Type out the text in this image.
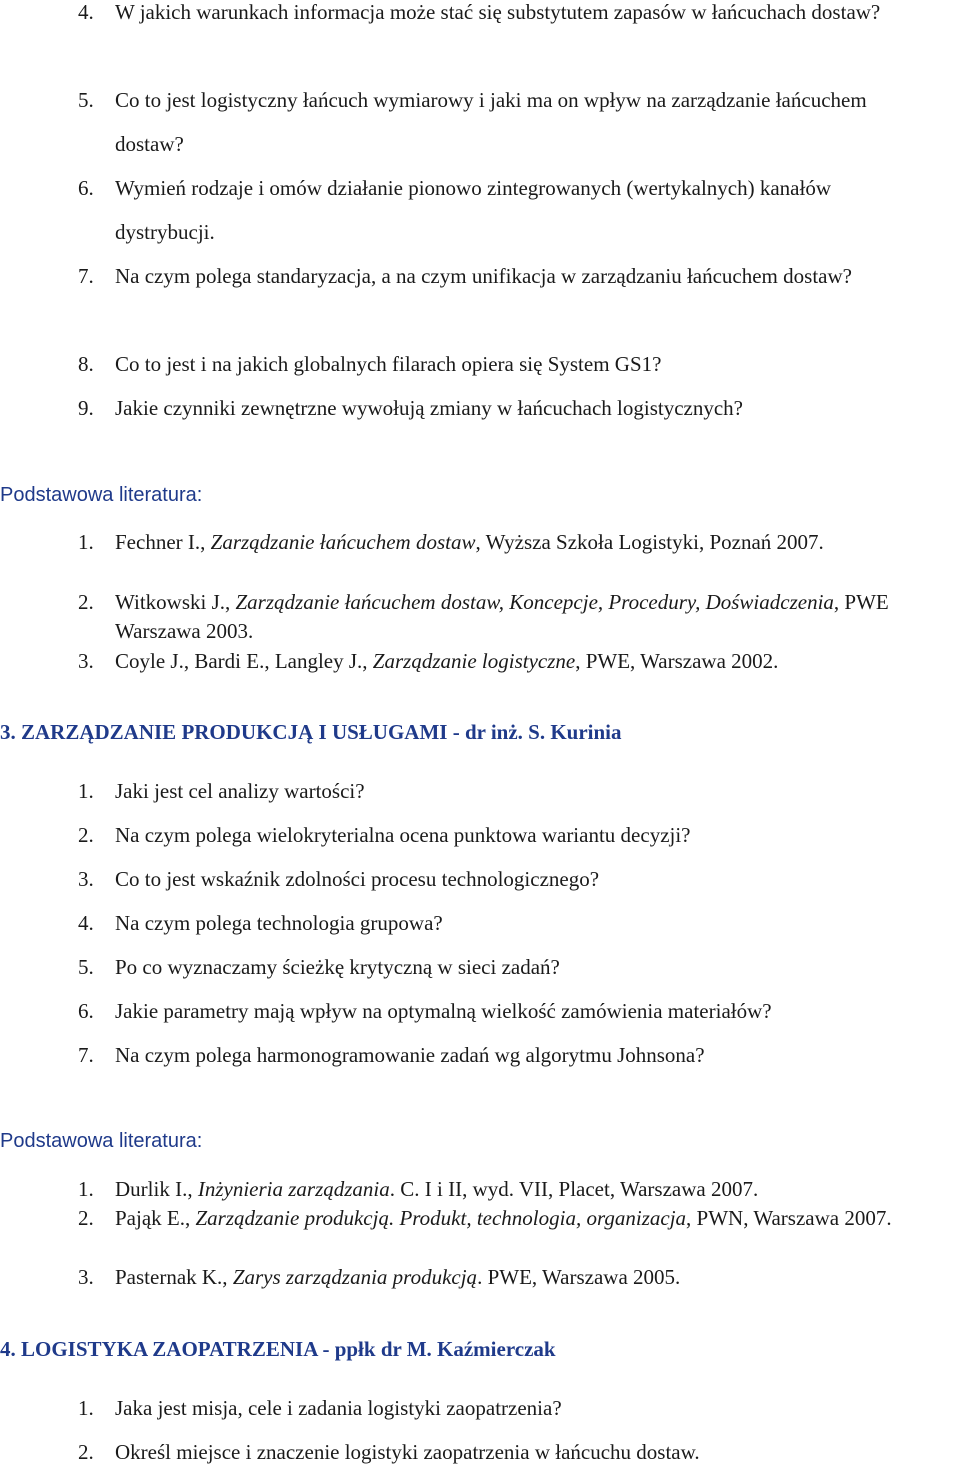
4. W jakich warunkach informacja może stać się substytutem zapasów w łańcuchach dostaw?
5. Co to jest logistyczny łańcuch wymiarowy i jaki ma on wpływ na zarządzanie łańcuchem dostaw?
6. Wymień rodzaje i omów działanie pionowo zintegrowanych (wertykalnych) kanałów dystrybucji.
7. Na czym polega standaryzacja, a na czym unifikacja w zarządzaniu łańcuchem dostaw?
8. Co to jest i na jakich globalnych filarach opiera się System GS1?
9. Jakie czynniki zewnętrzne wywołują zmiany w łańcuchach logistycznych?
Podstawowa literatura:
1. Fechner I., Zarządzanie łańcuchem dostaw, Wyższa Szkoła Logistyki, Poznań 2007.
2. Witkowski J., Zarządzanie łańcuchem dostaw, Koncepcje, Procedury, Doświadczenia, PWE Warszawa 2003.
3. Coyle J., Bardi E., Langley J., Zarządzanie logistyczne, PWE, Warszawa 2002.
3. ZARZĄDZANIE PRODUKCJĄ I USŁUGAMI - dr inż. S. Kurinia
1. Jaki jest cel analizy wartości?
2. Na czym polega wielokryterialna ocena punktowa wariantu decyzji?
3. Co to jest wskaźnik zdolności procesu technologicznego?
4. Na czym polega technologia grupowa?
5. Po co wyznaczamy ścieżkę krytyczną w sieci zadań?
6. Jakie parametry mają wpływ na optymalną wielkość zamówienia materiałów?
7. Na czym polega harmonogramowanie zadań wg algorytmu Johnsona?
Podstawowa literatura:
1. Durlik I., Inżynieria zarządzania. C. I i II, wyd. VII, Placet, Warszawa 2007.
2. Pająk E., Zarządzanie produkcją. Produkt, technologia, organizacja, PWN, Warszawa 2007.
3. Pasternak K., Zarys zarządzania produkcją. PWE, Warszawa 2005.
4. LOGISTYKA ZAOPATRZENIA - ppłk dr M. Kaźmierczak
1. Jaka jest misja, cele i zadania logistyki zaopatrzenia?
2. Określ miejsce i znaczenie logistyki zaopatrzenia w łańcuchu dostaw.
